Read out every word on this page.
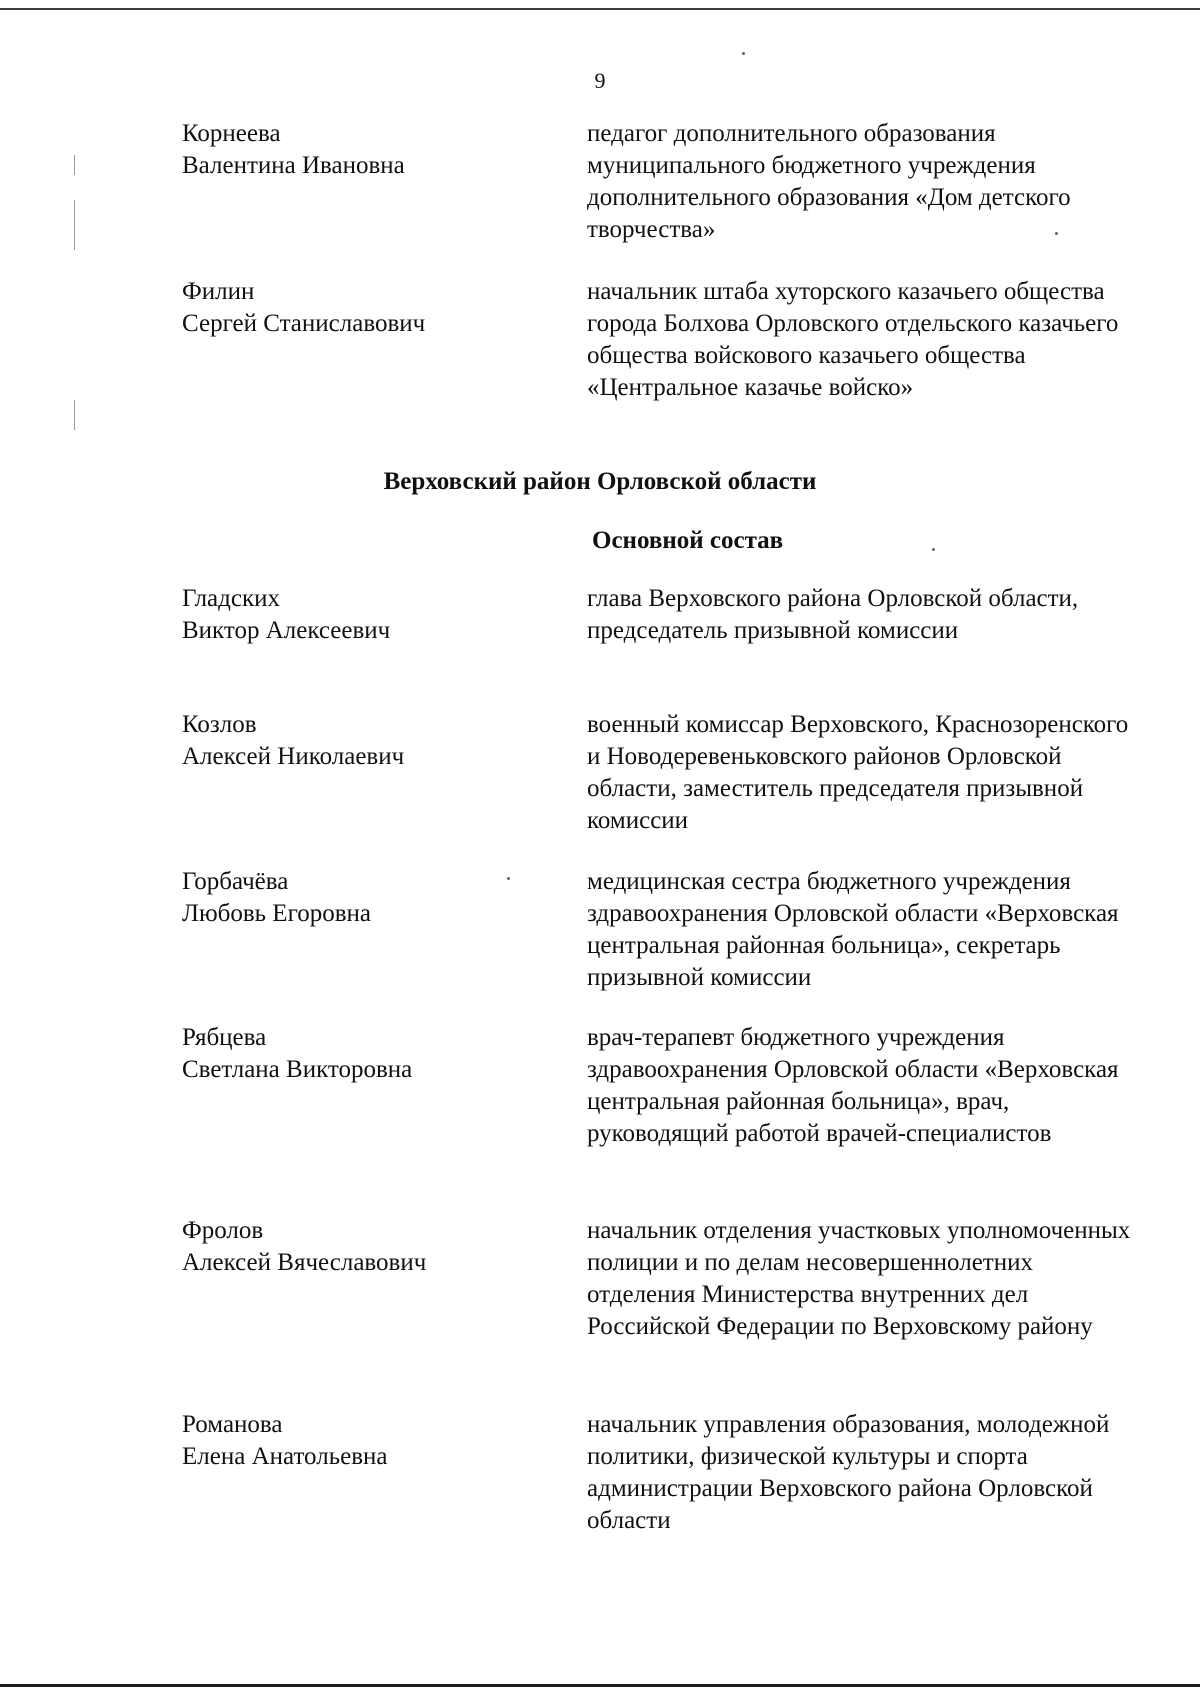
9
Корнеева
Валентина Ивановна
педагог дополнительного образования муниципального бюджетного учреждения дополнительного образования «Дом детского творчества»
Филин
Сергей Станиславович
начальник штаба хуторского казачьего общества города Болхова Орловского отдельского казачьего общества войскового казачьего общества «Центральное казачье войско»
Верховский район Орловской области
Основной состав
Гладских
Виктор Алексеевич
глава Верховского района Орловской области, председатель призывной комиссии
Козлов
Алексей Николаевич
военный комиссар Верховского, Краснозоренского и Новодеревеньковского районов Орловской области, заместитель председателя призывной комиссии
Горбачёва
Любовь Егоровна
медицинская сестра бюджетного учреждения здравоохранения Орловской области «Верховская центральная районная больница», секретарь призывной комиссии
Рябцева
Светлана Викторовна
врач-терапевт бюджетного учреждения здравоохранения Орловской области «Верховская центральная районная больница», врач, руководящий работой врачей-специалистов
Фролов
Алексей Вячеславович
начальник отделения участковых уполномоченных полиции и по делам несовершеннолетних отделения Министерства внутренних дел Российской Федерации по Верховскому району
Романова
Елена Анатольевна
начальник управления образования, молодежной политики, физической культуры и спорта администрации Верховского района Орловской области
